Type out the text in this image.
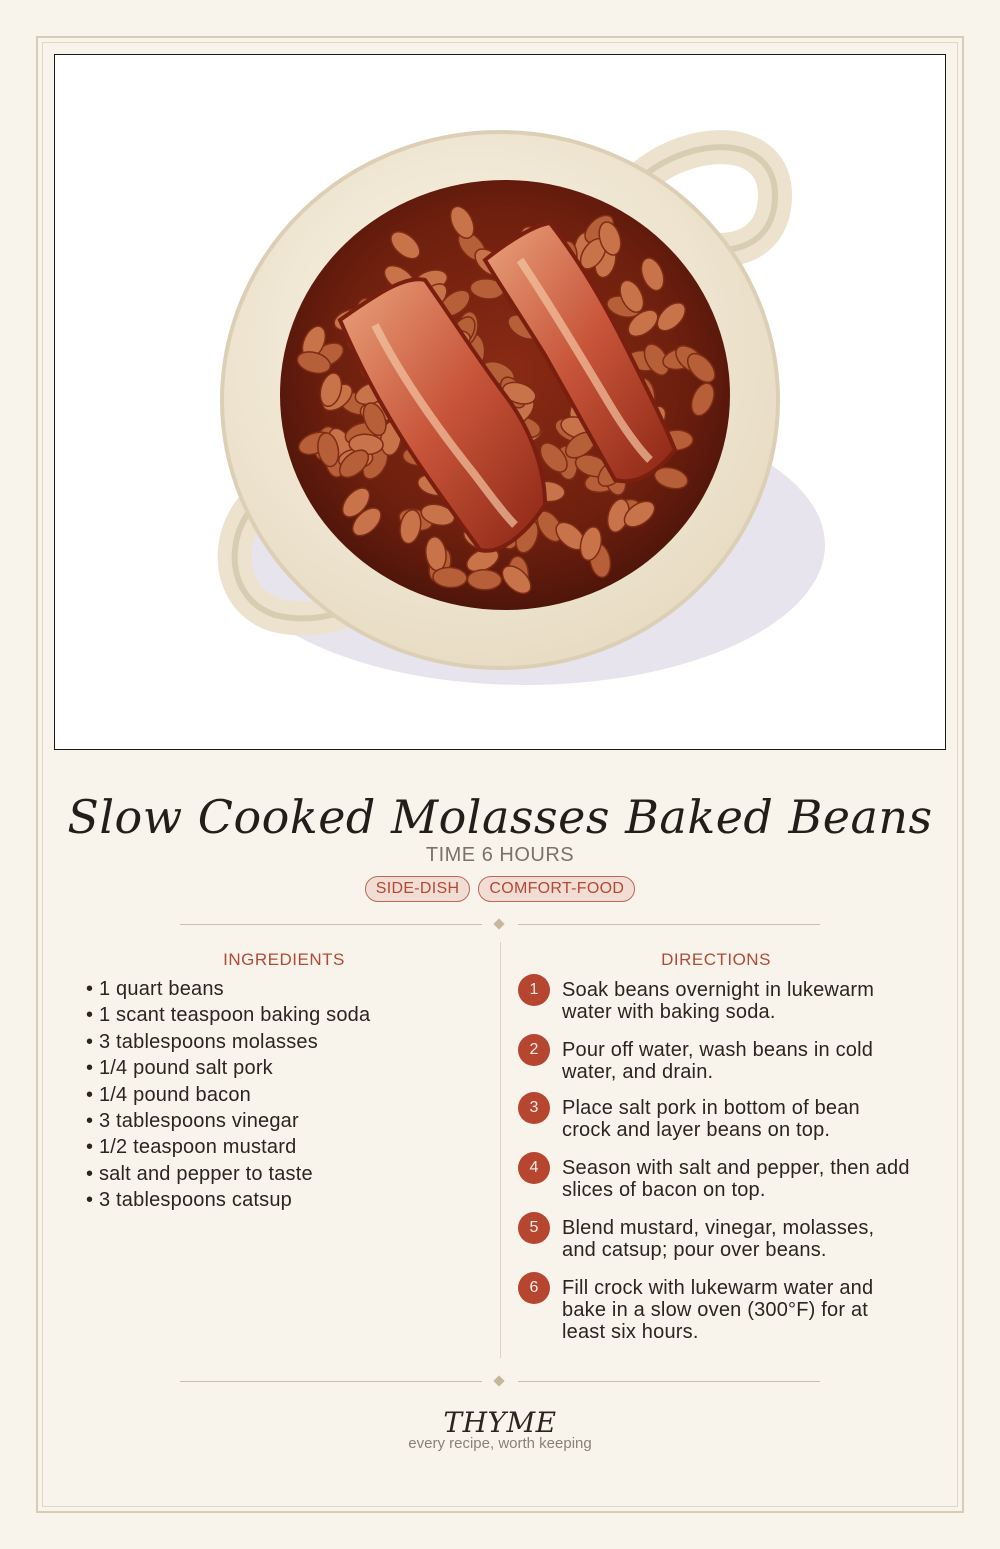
Slow Cooked Molasses Baked Beans
TIME 6 HOURS
SIDE-DISH	COMFORT-FOOD
INGREDIENTS
• 1 quart beans
• 1 scant teaspoon baking soda
• 3 tablespoons molasses
• 1/4 pound salt pork
• 1/4 pound bacon
• 3 tablespoons vinegar
• 1/2 teaspoon mustard
• salt and pepper to taste
• 3 tablespoons catsup
DIRECTIONS
1	Soak beans overnight in lukewarm water with baking soda.
2	Pour off water, wash beans in cold water, and drain.
3	Place salt pork in bottom of bean crock and layer beans on top.
4	Season with salt and pepper, then add slices of bacon on top.
5	Blend mustard, vinegar, molasses, and catsup; pour over beans.
6	Fill crock with lukewarm water and bake in a slow oven (300°F) for at least six hours.
THYME
every recipe, worth keeping
